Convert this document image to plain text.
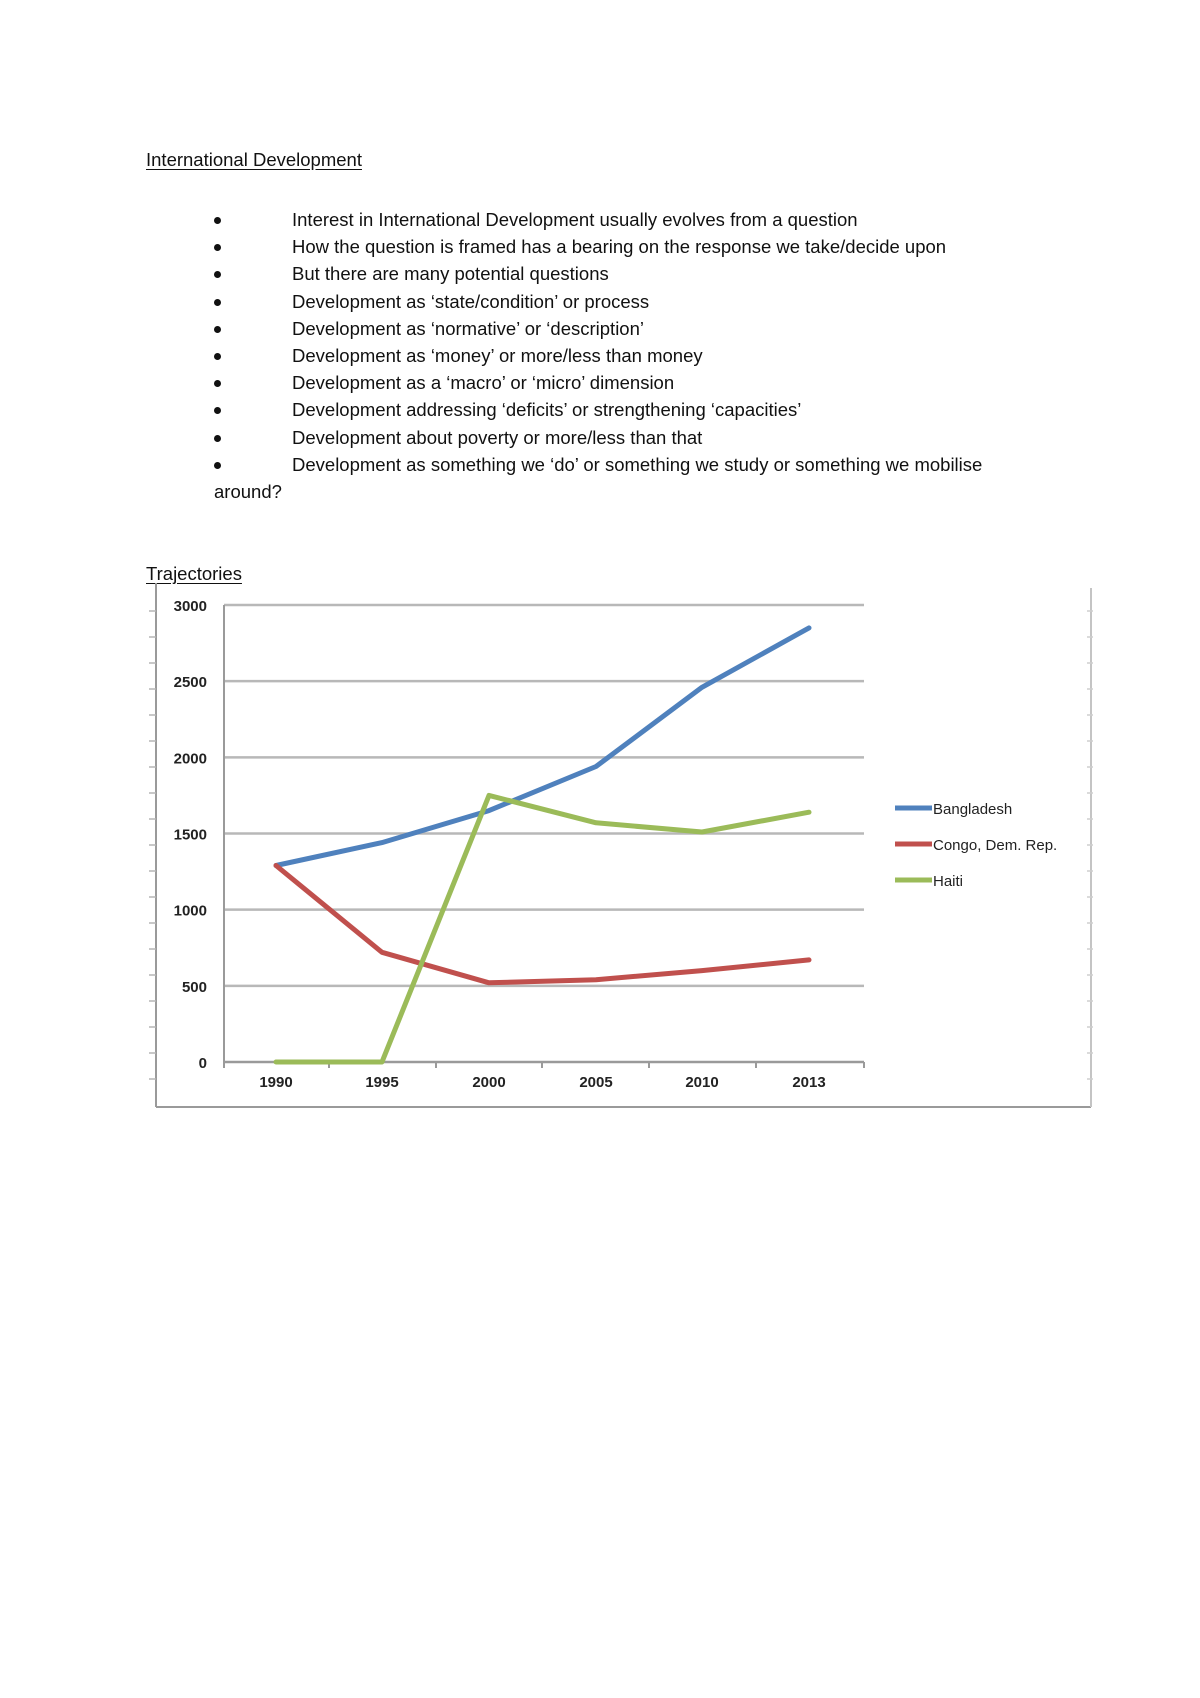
International Development
Interest in International Development usually evolves from a question
How the question is framed has a bearing on the response we take/decide upon
But there are many potential questions
Development as ‘state/condition’ or process
Development as ‘normative’ or ‘description’
Development as ‘money’ or more/less than money
Development as a ‘macro’ or ‘micro’ dimension
Development addressing ‘deficits’ or strengthening ‘capacities’
Development about poverty or more/less than that
Development as something we ‘do’ or something we study or something we mobilise
around?
Trajectories
0
500
1000
1500
2000
2500
3000
1990	1995	2000	2005	2010	2013
Bangladesh
Congo, Dem. Rep.
Haiti
